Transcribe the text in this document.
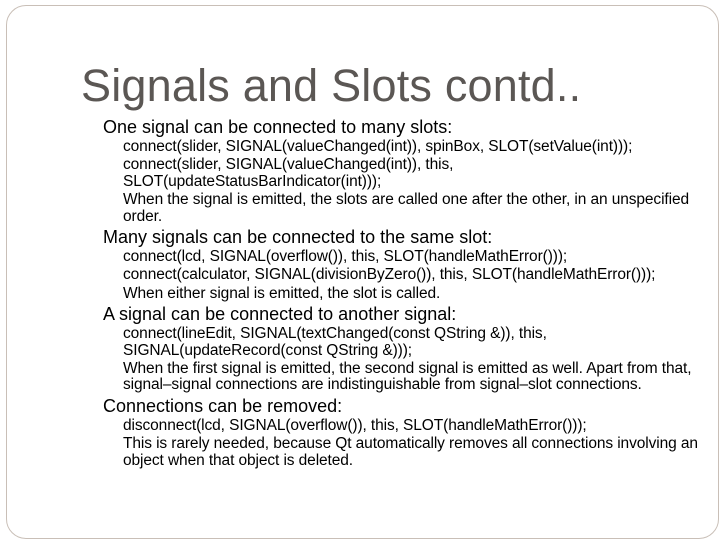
Signals and Slots contd..
One signal can be connected to many slots:
connect(slider, SIGNAL(valueChanged(int)), spinBox, SLOT(setValue(int)));
connect(slider, SIGNAL(valueChanged(int)), this, SLOT(updateStatusBarIndicator(int)));
When the signal is emitted, the slots are called one after the other, in an unspecified order.
Many signals can be connected to the same slot:
connect(lcd, SIGNAL(overflow()), this, SLOT(handleMathError()));
connect(calculator, SIGNAL(divisionByZero()), this, SLOT(handleMathError()));
When either signal is emitted, the slot is called.
A signal can be connected to another signal:
connect(lineEdit, SIGNAL(textChanged(const QString &)), this, SIGNAL(updateRecord(const QString &)));
When the first signal is emitted, the second signal is emitted as well. Apart from that, signal–signal connections are indistinguishable from signal–slot connections.
Connections can be removed:
disconnect(lcd, SIGNAL(overflow()), this, SLOT(handleMathError()));
This is rarely needed, because Qt automatically removes all connections involving an object when that object is deleted.
